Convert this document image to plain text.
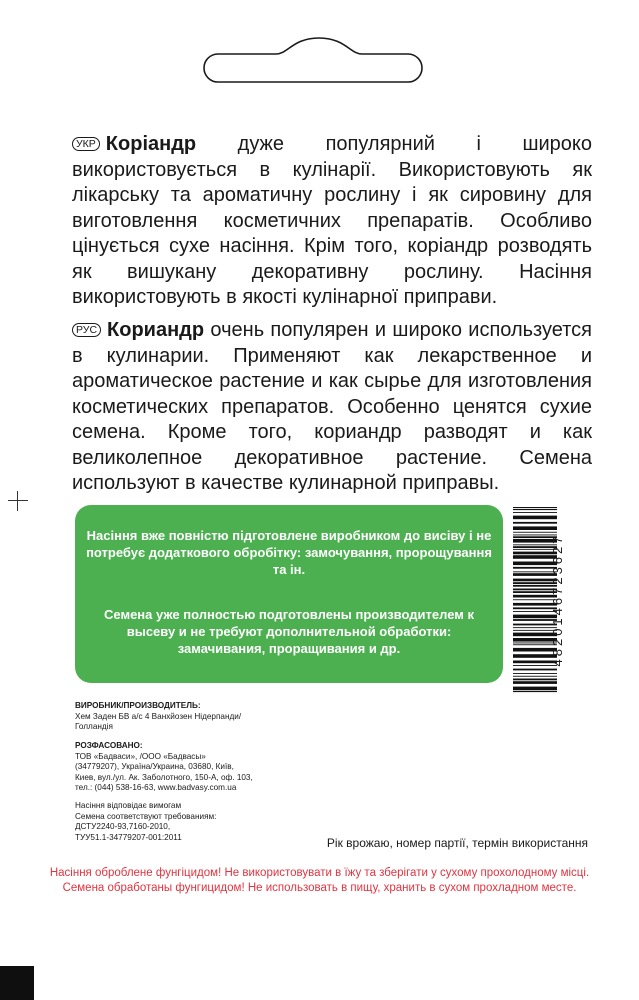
УКР Коріандр дуже популярний і широко використовується в кулінарії. Використовують як лікарську та ароматичну рослину і як сировину для виготовлення косметичних препаратів. Особливо цінується сухе насіння. Крім того, коріандр розводять як вишукану декоративну рослину. Насіння використовують в якості кулінарної приправи.

РУС Кориандр очень популярен и широко используется в кулинарии. Применяют как лекарственное и ароматическое растение и как сырье для изготовления косметических препаратов. Особенно ценятся сухие семена. Кроме того, кориандр разводят и как великолепное декоративное растение. Семена используют в качестве кулинарной приправы.

Насіння вже повністю підготовлене виробником до висіву і не потребує додаткового обробітку: замочування, пророщування та ін.

Семена уже полностью подготовлены производителем к высеву и не требуют дополнительной обработки: замачивания, проращивания и др.	4820146723627
ВИРОБНИК/ПРОИЗВОДИТЕЛЬ:
Хем Заден БВ а/с 4 Ванхйозен Нідерпанди/
Голландія
РОЗФАСОВАНО:
ТОВ «Бадваси», /ООО «Бадвасы»
(34779207), Україна/Украина, 03680, Київ,
Киев, вул./ул. Ак. Заболотного, 150-А, оф. 103,
тел.: (044) 538-16-63, www.badvasy.com.ua
Насіння відповідає вимогам
Семена соответствуют требованиям:
ДСТУ2240-93,7160-2010,
ТУУ51.1-34779207-001:2011	Рік врожаю, номер партії, термін використання
Насіння оброблене фунгіцидом! Не використовувати в їжу та зберігати у сухому прохолодному місці.
Семена обработаны фунгицидом! Не использовать в пищу, хранить в сухом прохладном месте.
